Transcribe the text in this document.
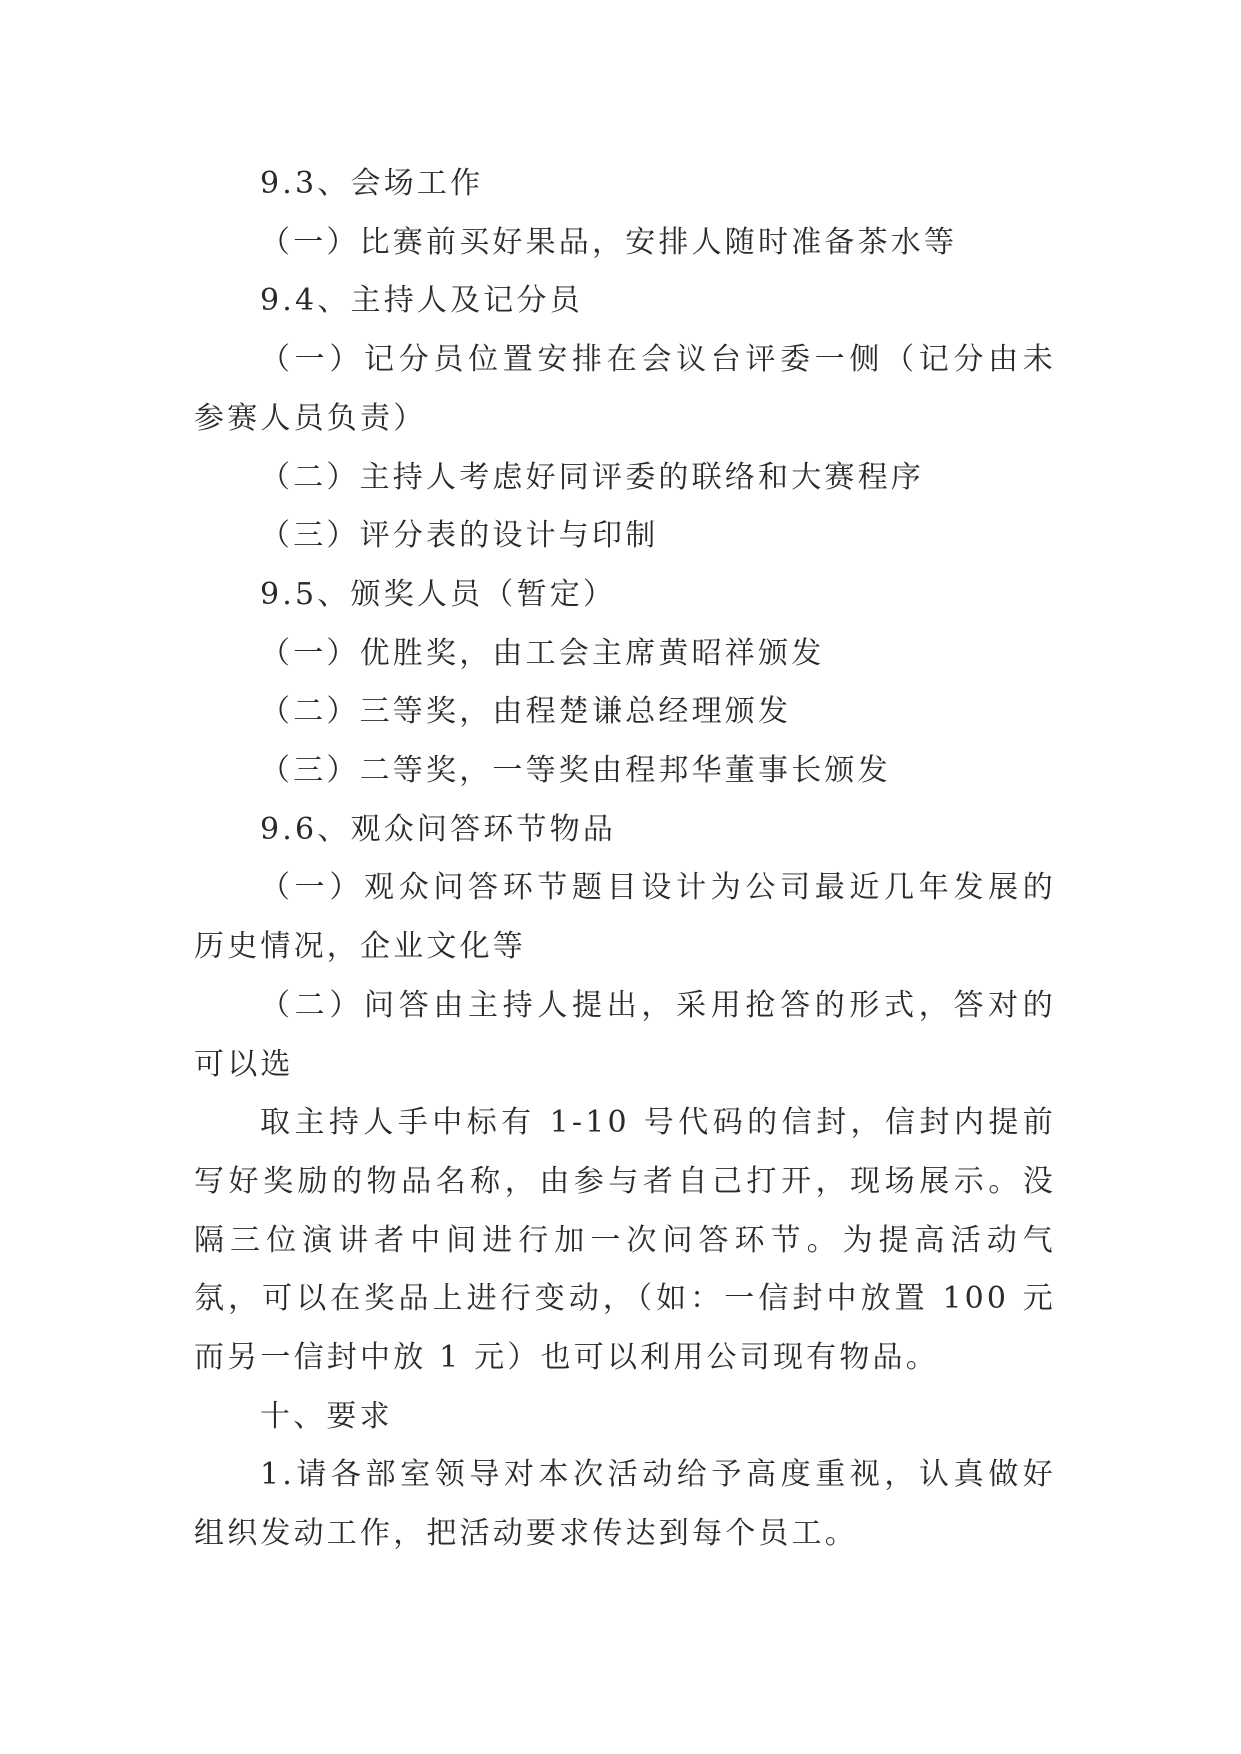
9.3、会场工作

（一）比赛前买好果品，安排人随时准备茶水等

9.4、主持人及记分员

（一）记分员位置安排在会议台评委一侧（记分由未参赛人员负责）

（二）主持人考虑好同评委的联络和大赛程序

（三）评分表的设计与印制

9.5、颁奖人员（暂定）

（一）优胜奖，由工会主席黄昭祥颁发

（二）三等奖，由程楚谦总经理颁发

（三）二等奖，一等奖由程邦华董事长颁发

9.6、观众问答环节物品

（一）观众问答环节题目设计为公司最近几年发展的历史情况，企业文化等

（二）问答由主持人提出，采用抢答的形式，答对的可以选

取主持人手中标有 1-10 号代码的信封，信封内提前写好奖励的物品名称，由参与者自己打开，现场展示。没隔三位演讲者中间进行加一次问答环节。为提高活动气氛，可以在奖品上进行变动，（如：一信封中放置 100 元而另一信封中放 1 元）也可以利用公司现有物品。

十、要求

1.请各部室领导对本次活动给予高度重视，认真做好组织发动工作，把活动要求传达到每个员工。
